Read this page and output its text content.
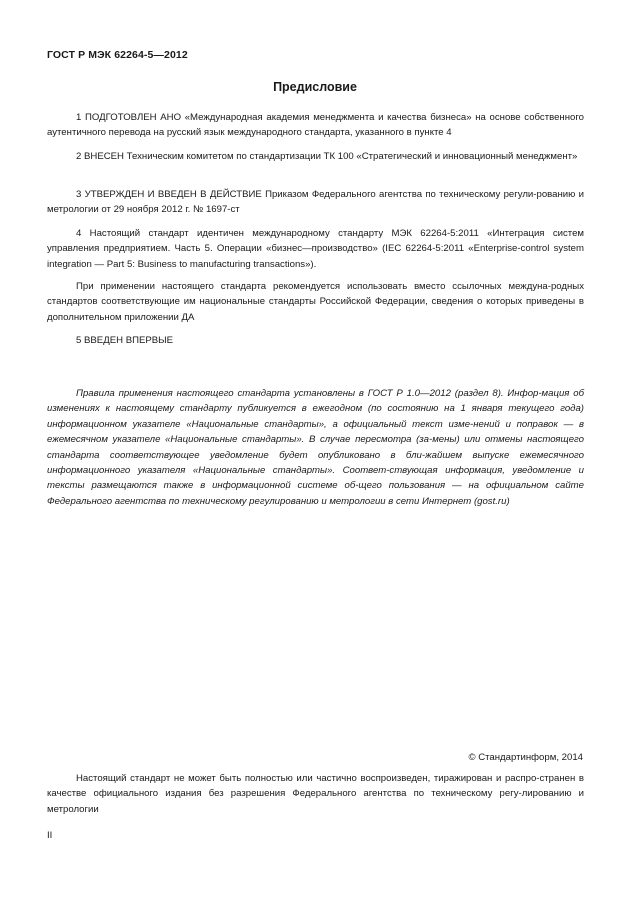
ГОСТ Р МЭК 62264-5—2012
Предисловие

1 ПОДГОТОВЛЕН АНО «Международная академия менеджмента и качества бизнеса» на основе собственного аутентичного перевода на русский язык международного стандарта, указанного в пункте 4

2 ВНЕСЕН Техническим комитетом по стандартизации ТК 100 «Стратегический и инновационный менеджмент»

3 УТВЕРЖДЕН И ВВЕДЕН В ДЕЙСТВИЕ Приказом Федерального агентства по техническому регули-рованию и метрологии от 29 ноября 2012 г. № 1697-ст

4 Настоящий стандарт идентичен международному стандарту МЭК 62264-5:2011 «Интеграция систем управления предприятием. Часть 5. Операции «бизнес—производство» (IEC 62264-5:2011 «Enterprise-control system integration — Part 5: Business to manufacturing transactions»).

При применении настоящего стандарта рекомендуется использовать вместо ссылочных междуна-родных стандартов соответствующие им национальные стандарты Российской Федерации, сведения о которых приведены в дополнительном приложении ДА

5 ВВЕДЕН ВПЕРВЫЕ

Правила применения настоящего стандарта установлены в ГОСТ Р 1.0—2012 (раздел 8). Инфор-мация об изменениях к настоящему стандарту публикуется в ежегодном (по состоянию на 1 января текущего года) информационном указателе «Национальные стандарты», а официальный текст изме-нений и поправок — в ежемесячном указателе «Национальные стандарты». В случае пересмотра (за-мены) или отмены настоящего стандарта соответствующее уведомление будет опубликовано в бли-жайшем выпуске ежемесячного информационного указателя «Национальные стандарты». Соответ-ствующая информация, уведомление и тексты размещаются также в информационной системе об-щего пользования — на официальном сайте Федерального агентства по техническому регулированию и метрологии в сети Интернет (gost.ru)

© Стандартинформ, 2014

Настоящий стандарт не может быть полностью или частично воспроизведен, тиражирован и распро-странен в качестве официального издания без разрешения Федерального агентства по техническому регу-лированию и метрологии

II
